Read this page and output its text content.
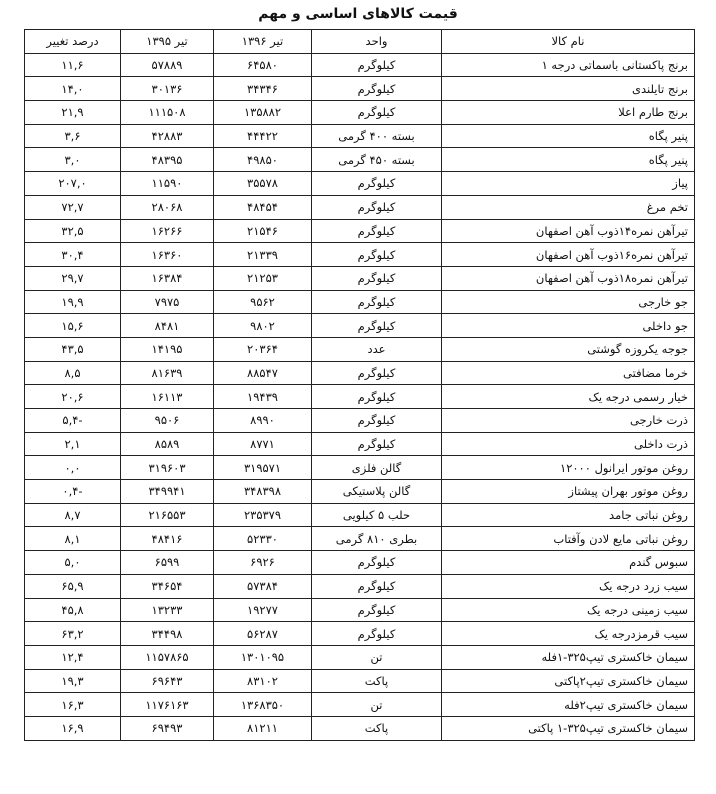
قیمت کالاهای اساسی و مهم
نام کالا	واحد	تیر ۱۳۹۶	تیر ۱۳۹۵	درصد تغییر
برنج پاکستانی باسماتی درجه ۱	کیلوگرم	۶۴۵۸۰	۵۷۸۸۹	۱۱,۶
برنج تایلندی	کیلوگرم	۳۴۳۴۶	۳۰۱۳۶	۱۴,۰
برنج طارم اعلا	کیلوگرم	۱۳۵۸۸۲	۱۱۱۵۰۸	۲۱,۹
پنیر پگاه	بسته ۴۰۰ گرمی	۴۴۴۲۲	۴۲۸۸۳	۳,۶
پنیر پگاه	بسته ۴۵۰ گرمی	۴۹۸۵۰	۴۸۳۹۵	۳,۰
پیاز	کیلوگرم	۳۵۵۷۸	۱۱۵۹۰	۲۰۷,۰
تخم مرغ	کیلوگرم	۴۸۴۵۴	۲۸۰۶۸	۷۲,۷
تیرآهن نمره۱۴ذوب آهن اصفهان	کیلوگرم	۲۱۵۴۶	۱۶۲۶۶	۳۲,۵
تیرآهن نمره۱۶ذوب آهن اصفهان	کیلوگرم	۲۱۳۳۹	۱۶۳۶۰	۳۰,۴
تیرآهن نمره۱۸ذوب آهن اصفهان	کیلوگرم	۲۱۲۵۳	۱۶۳۸۴	۲۹,۷
جو خارجی	کیلوگرم	۹۵۶۲	۷۹۷۵	۱۹,۹
جو داخلی	کیلوگرم	۹۸۰۲	۸۴۸۱	۱۵,۶
جوجه یکروزه گوشتی	عدد	۲۰۳۶۴	۱۴۱۹۵	۴۳,۵
خرما مضافتی	کیلوگرم	۸۸۵۴۷	۸۱۶۳۹	۸,۵
خیار رسمی درجه یک	کیلوگرم	۱۹۴۳۹	۱۶۱۱۳	۲۰,۶
ذرت خارجی	کیلوگرم	۸۹۹۰	۹۵۰۶	-۵,۴
ذرت داخلی	کیلوگرم	۸۷۷۱	۸۵۸۹	۲,۱
روغن موتور ایرانول ۱۲۰۰۰	گالن فلزی	۳۱۹۵۷۱	۳۱۹۶۰۳	۰,۰
روغن موتور بهران پیشتاز	گالن پلاستیکی	۳۴۸۳۹۸	۳۴۹۹۴۱	-۰,۴
روغن نباتی جامد	حلب ۵ کیلویی	۲۳۵۳۷۹	۲۱۶۵۵۳	۸,۷
روغن نباتی مایع لادن وآفتاب	بطری ۸۱۰ گرمی	۵۲۳۳۰	۴۸۴۱۶	۸,۱
سبوس گندم	کیلوگرم	۶۹۲۶	۶۵۹۹	۵,۰
سیب زرد درجه یک	کیلوگرم	۵۷۳۸۴	۳۴۶۵۴	۶۵,۹
سیب زمینی درجه یک	کیلوگرم	۱۹۲۷۷	۱۳۲۳۳	۴۵,۸
سیب قرمزدرجه یک	کیلوگرم	۵۶۲۸۷	۳۴۴۹۸	۶۳,۲
سیمان خاکستری تیپ۳۲۵-۱فله	تن	۱۳۰۱۰۹۵	۱۱۵۷۸۶۵	۱۲,۴
سیمان خاکستری تیپ۲پاکتی	پاکت	۸۳۱۰۲	۶۹۶۴۳	۱۹,۳
سیمان خاکستری تیپ۲فله	تن	۱۳۶۸۳۵۰	۱۱۷۶۱۶۳	۱۶,۳
سیمان خاکستری تیپ۳۲۵-۱ پاکتی	پاکت	۸۱۲۱۱	۶۹۴۹۳	۱۶,۹
